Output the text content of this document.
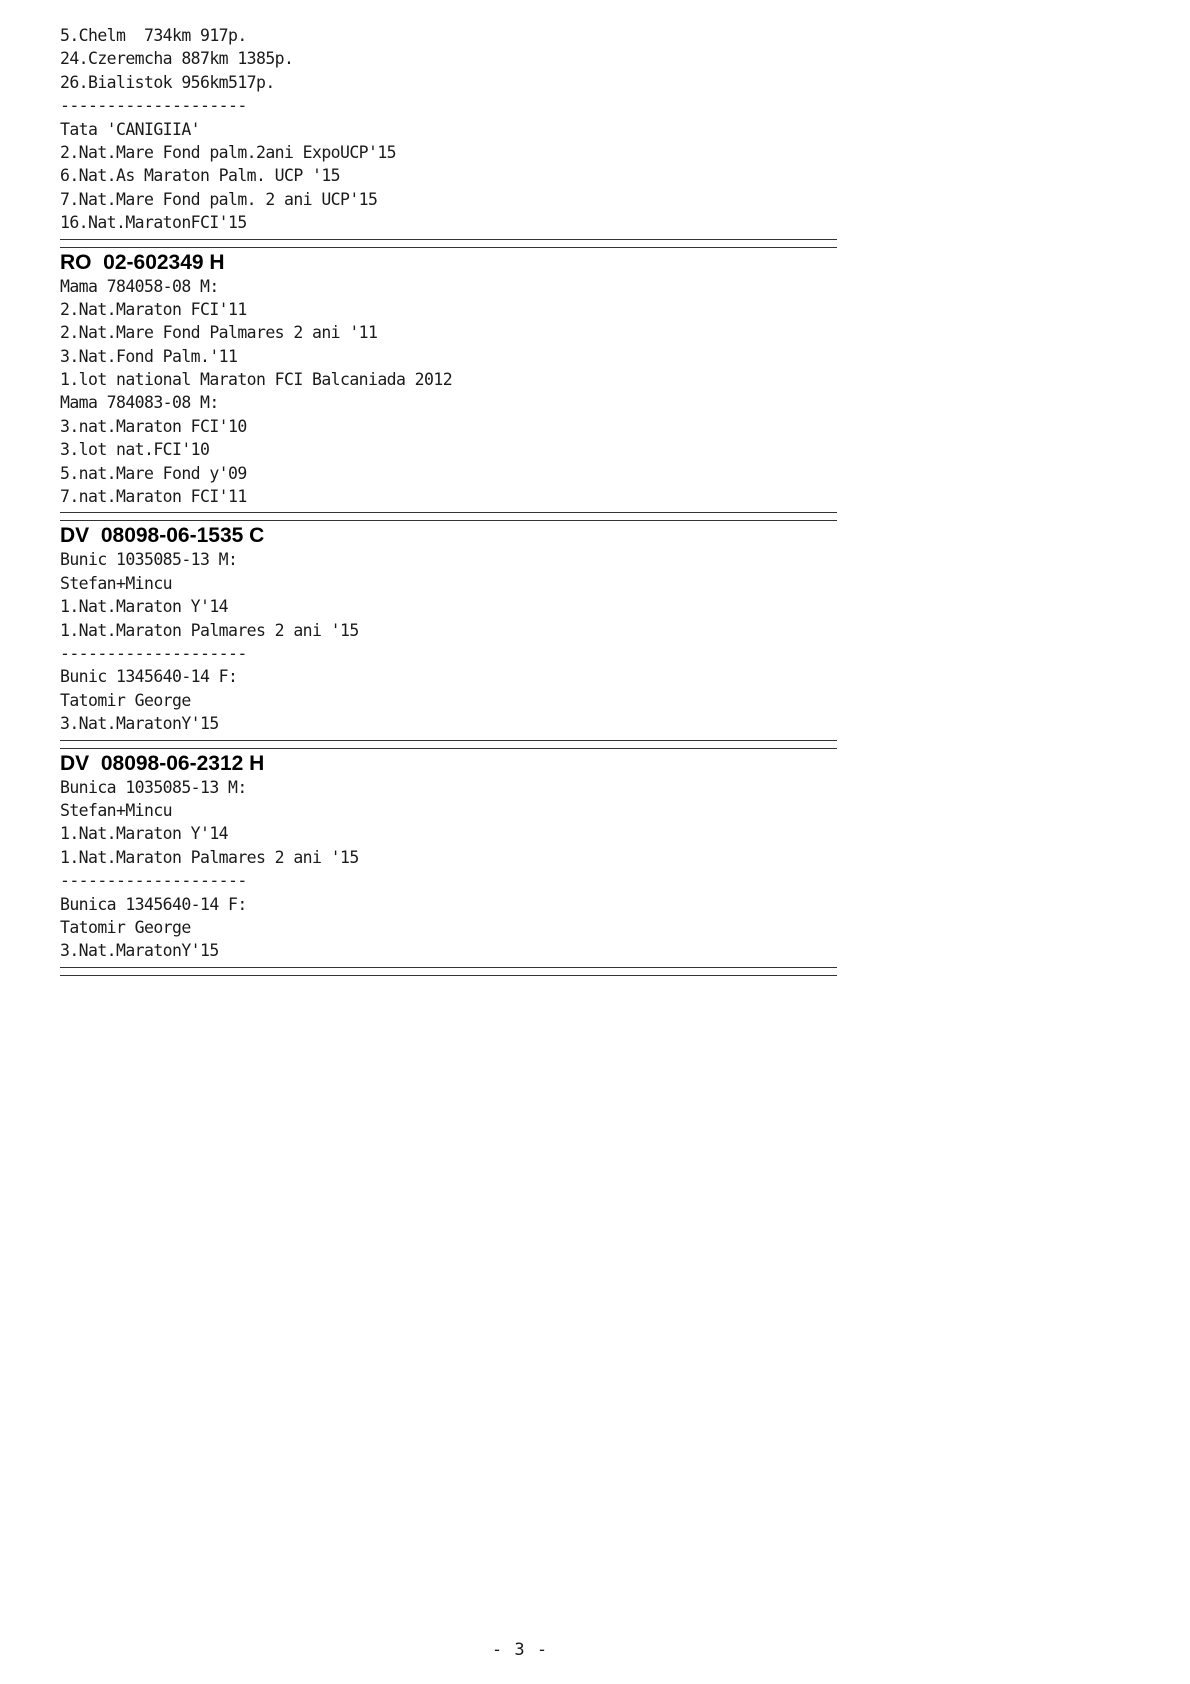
5.Chelm  734km 917p.
24.Czeremcha 887km 1385p.
26.Bialistok 956km517p.
--------------------
Tata 'CANIGIIA'
2.Nat.Mare Fond palm.2ani ExpoUCP'15
6.Nat.As Maraton Palm. UCP '15
7.Nat.Mare Fond palm. 2 ani UCP'15
16.Nat.MaratonFCI'15
RO  02-602349 H
Mama 784058-08 M:
2.Nat.Maraton FCI'11
2.Nat.Mare Fond Palmares 2 ani '11
3.Nat.Fond Palm.'11
1.lot national Maraton FCI Balcaniada 2012
Mama 784083-08 M:
3.nat.Maraton FCI'10
3.lot nat.FCI'10
5.nat.Mare Fond y'09
7.nat.Maraton FCI'11
DV  08098-06-1535 C
Bunic 1035085-13 M:
Stefan+Mincu
1.Nat.Maraton Y'14
1.Nat.Maraton Palmares 2 ani '15
--------------------
Bunic 1345640-14 F:
Tatomir George
3.Nat.MaratonY'15
DV  08098-06-2312 H
Bunica 1035085-13 M:
Stefan+Mincu
1.Nat.Maraton Y'14
1.Nat.Maraton Palmares 2 ani '15
--------------------
Bunica 1345640-14 F:
Tatomir George
3.Nat.MaratonY'15
- 3 -
